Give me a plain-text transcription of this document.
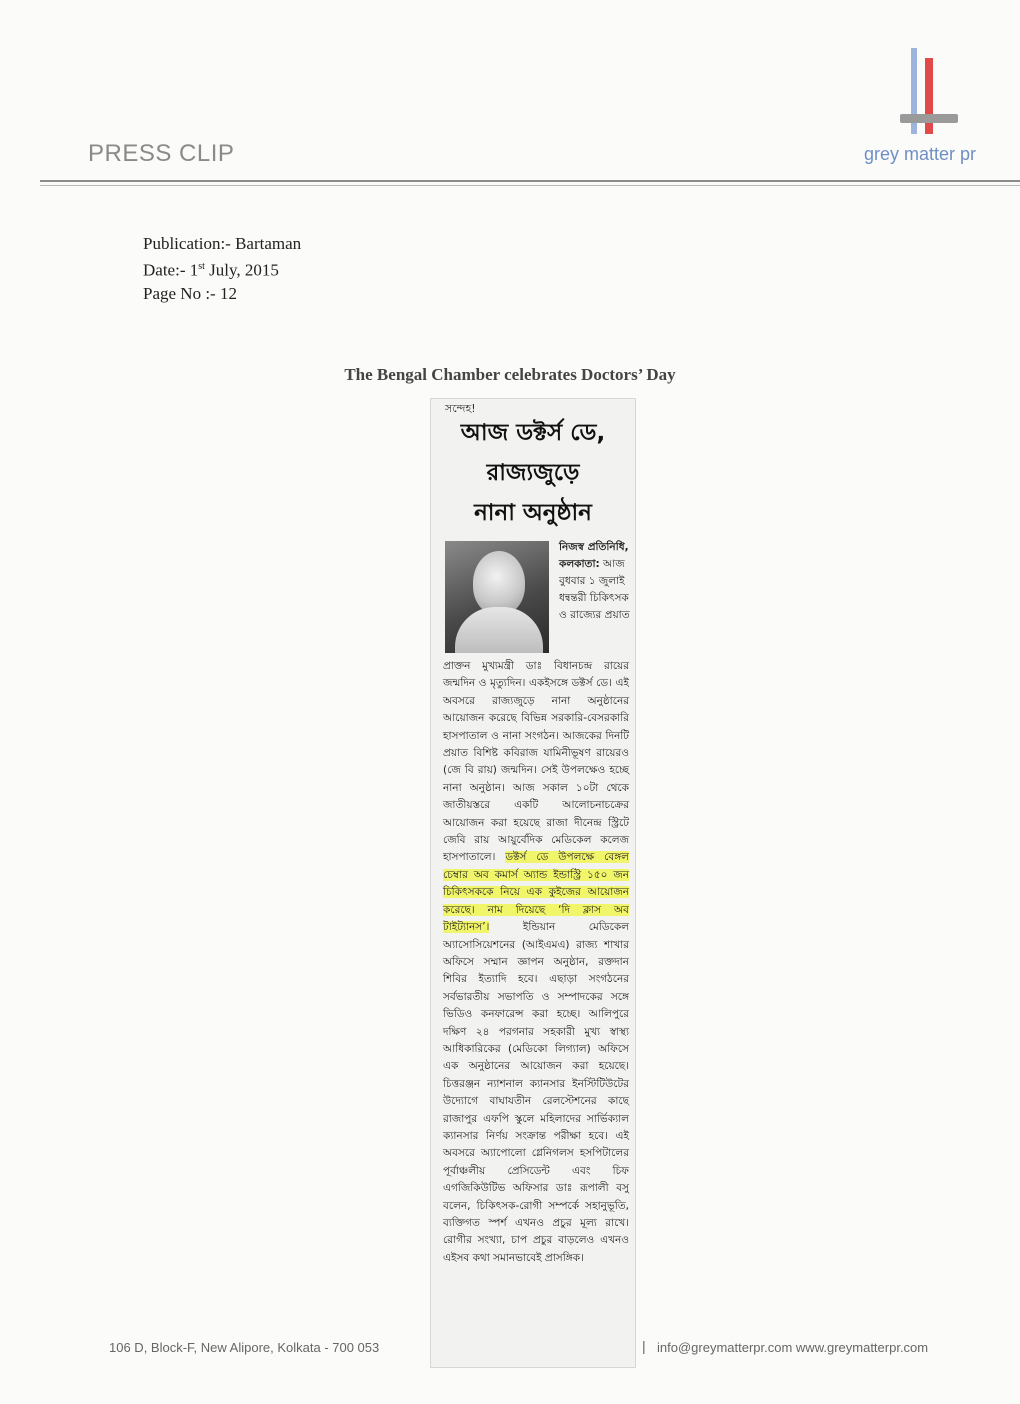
PRESS CLIP	grey matter pr
Publication:- Bartaman
Date:- 1st July, 2015
Page No :- 12
The Bengal Chamber celebrates Doctors’ Day
সন্দেহ!
আজ ডক্টর্স ডে,
রাজ্যজুড়ে
নানা অনুষ্ঠান
নিজস্ব প্রতিনিধি, কলকাতা: আজ বুধবার ১ জুলাই ধন্বন্তরী চিকিৎসক ও রাজ্যের প্রয়াত
প্রাক্তন মুখ্যমন্ত্রী ডাঃ বিধানচন্দ্র রায়ের জন্মদিন ও মৃত্যুদিন। একইসঙ্গে ডক্টর্স ডে। এই অবসরে রাজ্যজুড়ে নানা অনুষ্ঠানের আয়োজন করেছে বিভিন্ন সরকারি-বেসরকারি হাসপাতাল ও নানা সংগঠন। আজকের দিনটি প্রয়াত বিশিষ্ট কবিরাজ যামিনীভূষণ রায়েরও (জে বি রায়) জন্মদিন। সেই উপলক্ষেও হচ্ছে নানা অনুষ্ঠান। আজ সকাল ১০টা থেকে জাতীয়স্তরে একটি আলোচনাচক্রের আয়োজন করা হয়েছে রাজা দীনেন্দ্র স্ট্রিটে জেবি রায় আয়ুর্বেদিক মেডিকেল কলেজ হাসপাতালে। ডক্টর্স ডে উপলক্ষে বেঙ্গল চেম্বার অব কমার্স অ্যান্ড ইন্ডাস্ট্রি ১৫০ জন চিকিৎসককে নিয়ে এক কুইজের আয়োজন করেছে। নাম দিয়েছে ‘দি ক্লাস অব টাইট্যানস’। ইন্ডিয়ান মেডিকেল অ্যাসোসিয়েশনের (আইএমএ) রাজ্য শাখার অফিসে সম্মান জ্ঞাপন অনুষ্ঠান, রক্তদান শিবির ইত্যাদি হবে। এছাড়া সংগঠনের সর্বভারতীয় সভাপতি ও সম্পাদকের সঙ্গে ভিডিও কনফারেন্স করা হচ্ছে। আলিপুরে দক্ষিণ ২৪ পরগনার সহকারী মুখ্য স্বাস্থ্য আধিকারিকের (মেডিকো লিগ্যাল) অফিসে এক অনুষ্ঠানের আয়োজন করা হয়েছে। চিত্তরঞ্জন ন্যাশনাল ক্যানসার ইনস্টিটিউটের উদ্যোগে বাঘাযতীন রেলস্টেশনের কাছে রাজাপুর এফপি স্কুলে মহিলাদের সার্ভিক্যাল ক্যানসার নির্ণয় সংক্রান্ত পরীক্ষা হবে। এই অবসরে অ্যাপোলো গ্লেনিগলস হসপিটালের পূর্বাঞ্চলীয় প্রেসিডেন্ট এবং চিফ এগজিকিউটিভ অফিসার ডাঃ রূপালী বসু বলেন, চিকিৎসক-রোগী সম্পর্কে সহানুভূতি, ব্যক্তিগত স্পর্শ এখনও প্রচুর মূল্য রাখে। রোগীর সংখ্যা, চাপ প্রচুর বাড়লেও এখনও এইসব কথা সমানভাবেই প্রাসঙ্গিক।
106 D, Block-F, New Alipore, Kolkata - 700 053	| info@greymatterpr.com www.greymatterpr.com
